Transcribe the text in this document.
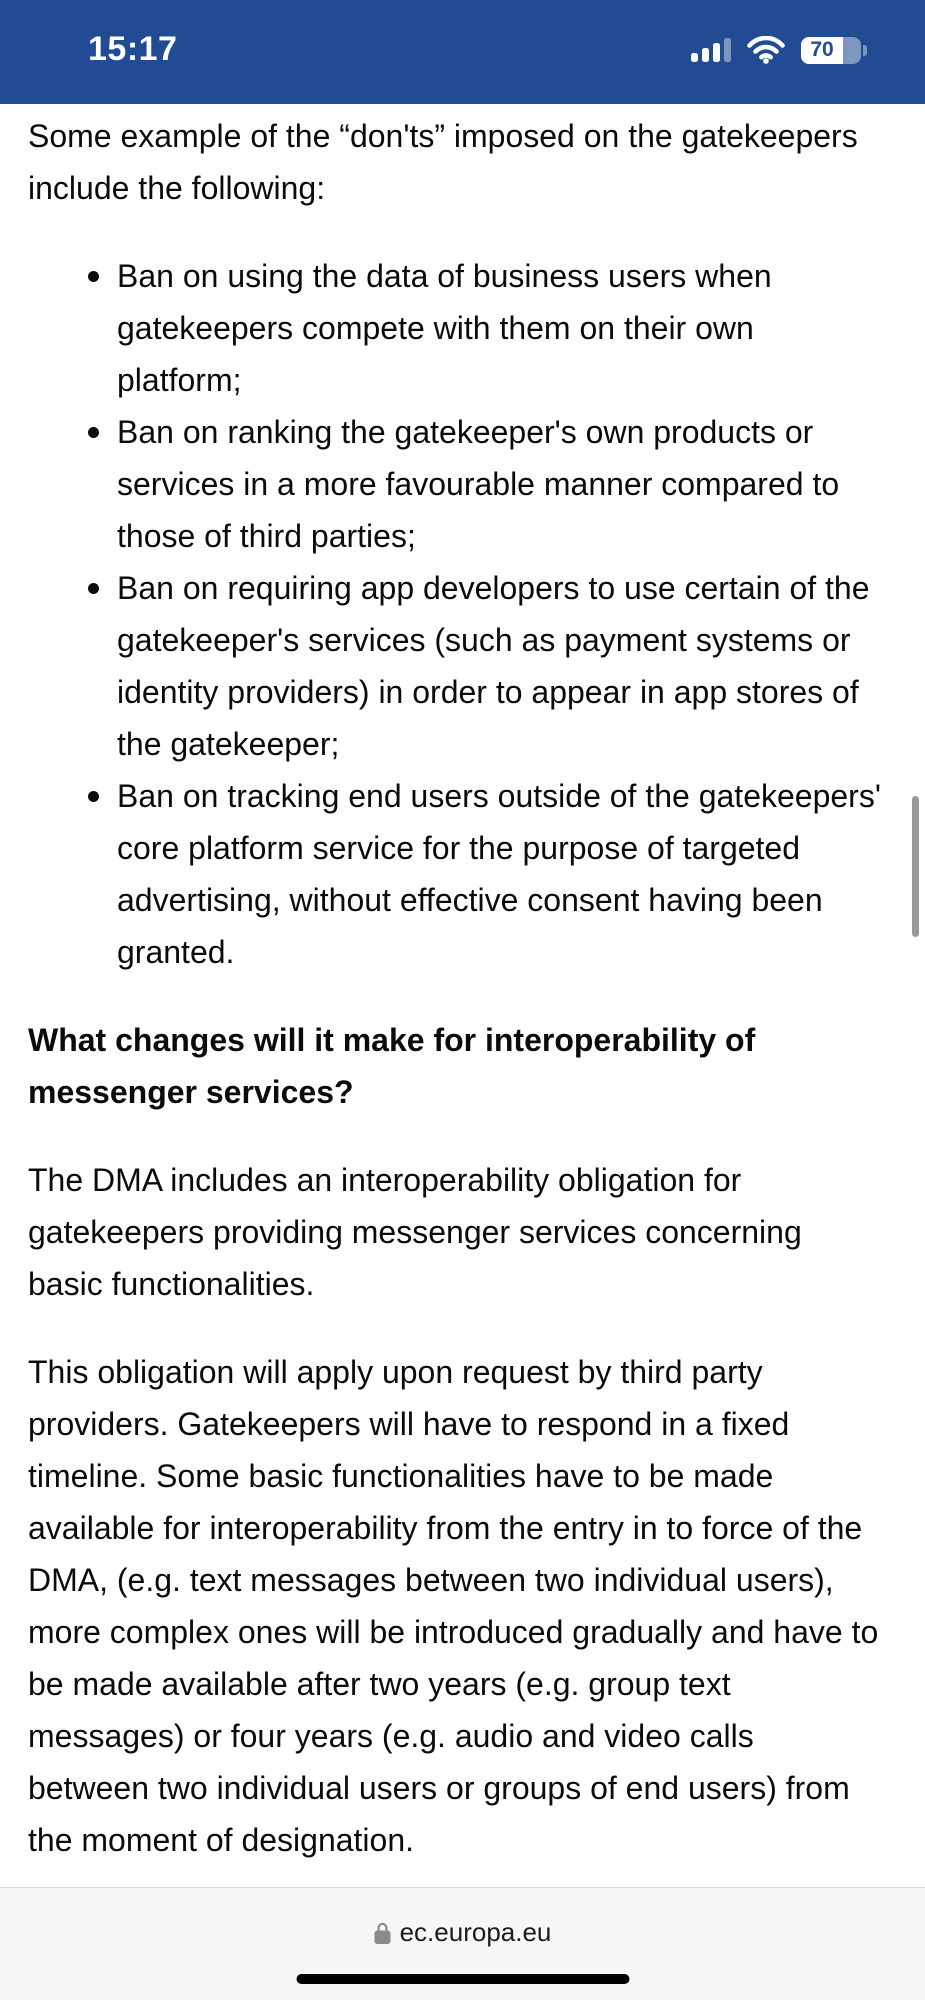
15:17	70

Some example of the “don'ts” imposed on the gatekeepers include the following:

Ban on using the data of business users when gatekeepers compete with them on their own platform;
Ban on ranking the gatekeeper's own products or services in a more favourable manner compared to those of third parties;
Ban on requiring app developers to use certain of the gatekeeper's services (such as payment systems or identity providers) in order to appear in app stores of the gatekeeper;
Ban on tracking end users outside of the gatekeepers' core platform service for the purpose of targeted advertising, without effective consent having been granted.
What changes will it make for interoperability of messenger services?

The DMA includes an interoperability obligation for gatekeepers providing messenger services concerning basic functionalities.

This obligation will apply upon request by third party providers. Gatekeepers will have to respond in a fixed timeline. Some basic functionalities have to be made available for interoperability from the entry in to force of the DMA, (e.g. text messages between two individual users), more complex ones will be introduced gradually and have to be made available after two years (e.g. group text messages) or four years (e.g. audio and video calls between two individual users or groups of end users) from the moment of designation.

ec.europa.eu
